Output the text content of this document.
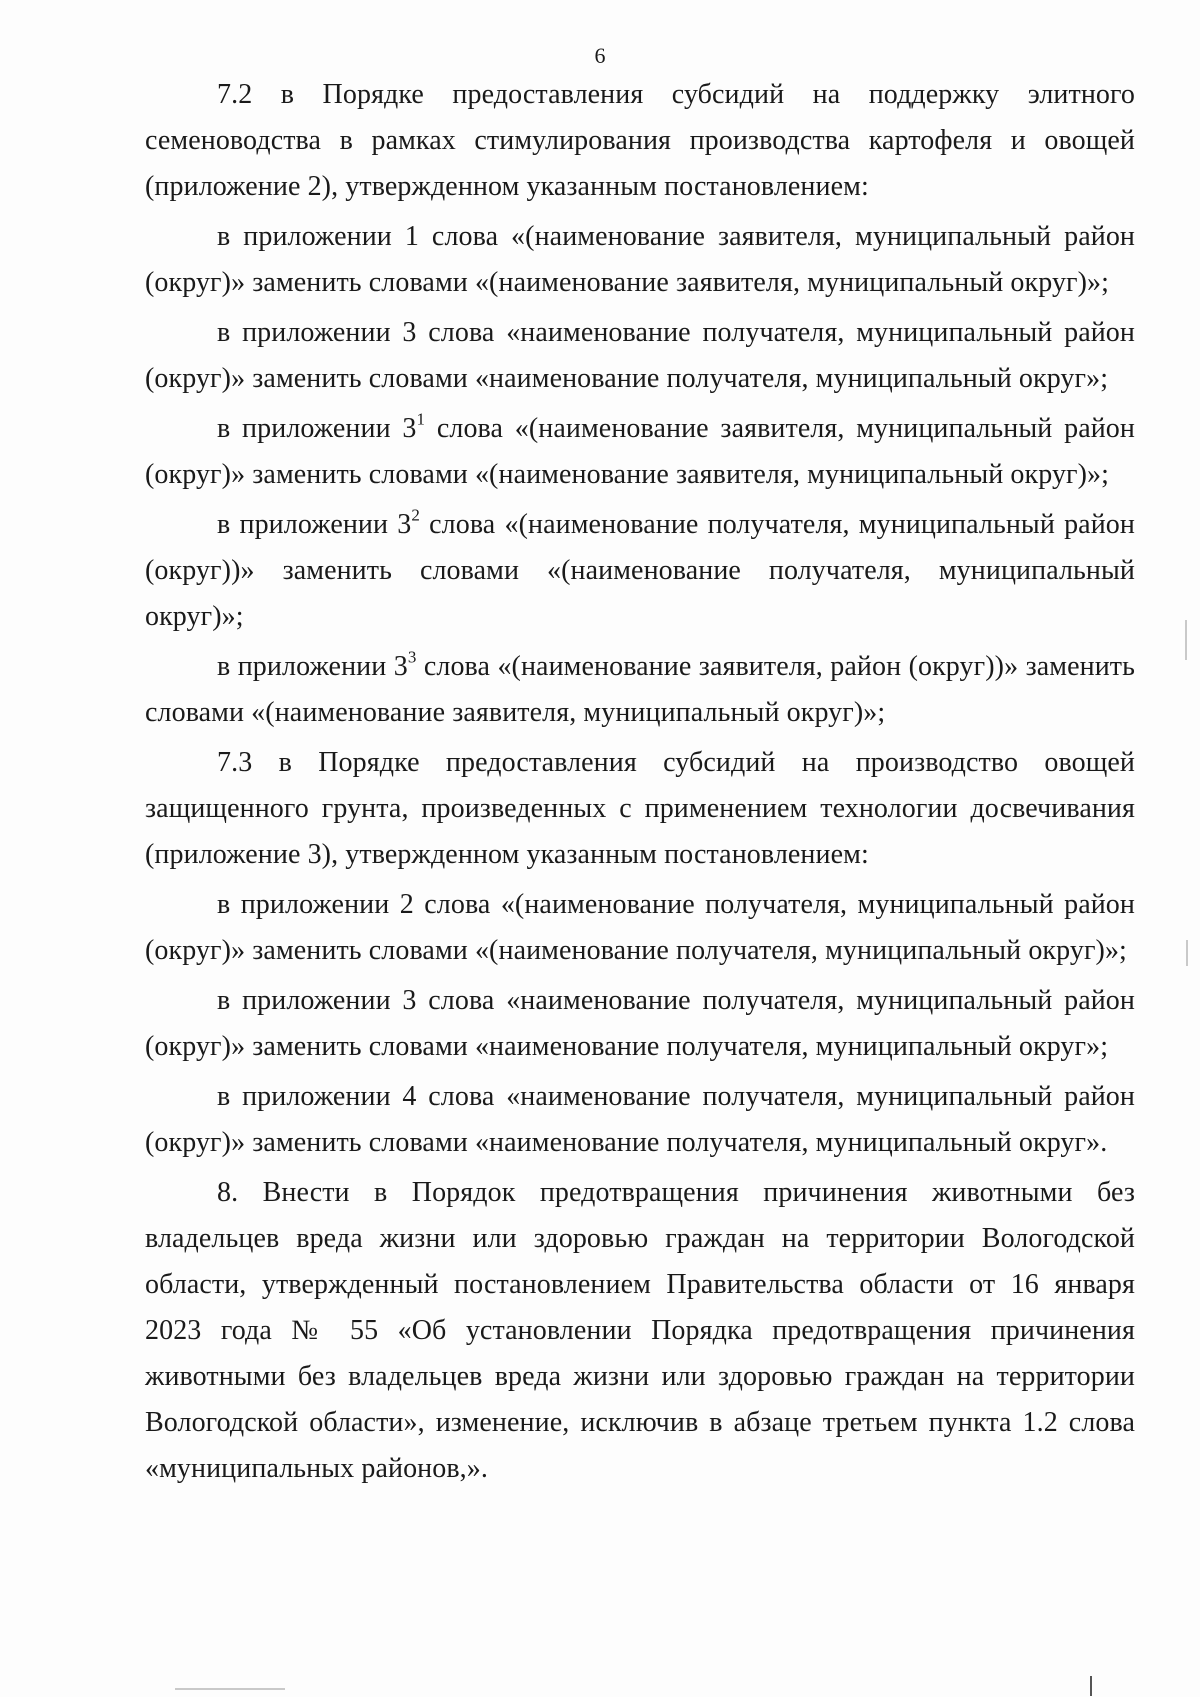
6

7.2 в Порядке предоставления субсидий на поддержку элитного семеноводства в рамках стимулирования производства картофеля и овощей (приложение 2), утвержденном указанным постановлением:

в приложении 1 слова «(наименование заявителя, муниципальный район (округ)» заменить словами «(наименование заявителя, муниципальный округ)»;

в приложении 3 слова «наименование получателя, муниципальный район (округ)» заменить словами «наименование получателя, муниципальный округ»;

в приложении $3^1$ слова «(наименование заявителя, муниципальный район (округ)» заменить словами «(наименование заявителя, муниципальный округ)»;

в приложении $3^2$ слова «(наименование получателя, муниципальный район (округ))» заменить словами «(наименование получателя, муниципальный округ)»;

в приложении $3^3$ слова «(наименование заявителя, район (округ))» заменить словами «(наименование заявителя, муниципальный округ)»;

7.3 в Порядке предоставления субсидий на производство овощей защищенного грунта, произведенных с применением технологии досвечивания (приложение 3), утвержденном указанным постановлением:

в приложении 2 слова «(наименование получателя, муниципальный район (округ)» заменить словами «(наименование получателя, муниципальный округ)»;

в приложении 3 слова «наименование получателя, муниципальный район (округ)» заменить словами «наименование получателя, муниципальный округ»;

в приложении 4 слова «наименование получателя, муниципальный район (округ)» заменить словами «наименование получателя, муниципальный округ».

8. Внести в Порядок предотвращения причинения животными без владельцев вреда жизни или здоровью граждан на территории Вологодской области, утвержденный постановлением Правительства области от 16 января 2023 года № 55 «Об установлении Порядка предотвращения причинения животными без владельцев вреда жизни или здоровью граждан на территории Вологодской области», изменение, исключив в абзаце третьем пункта 1.2 слова «муниципальных районов,».
